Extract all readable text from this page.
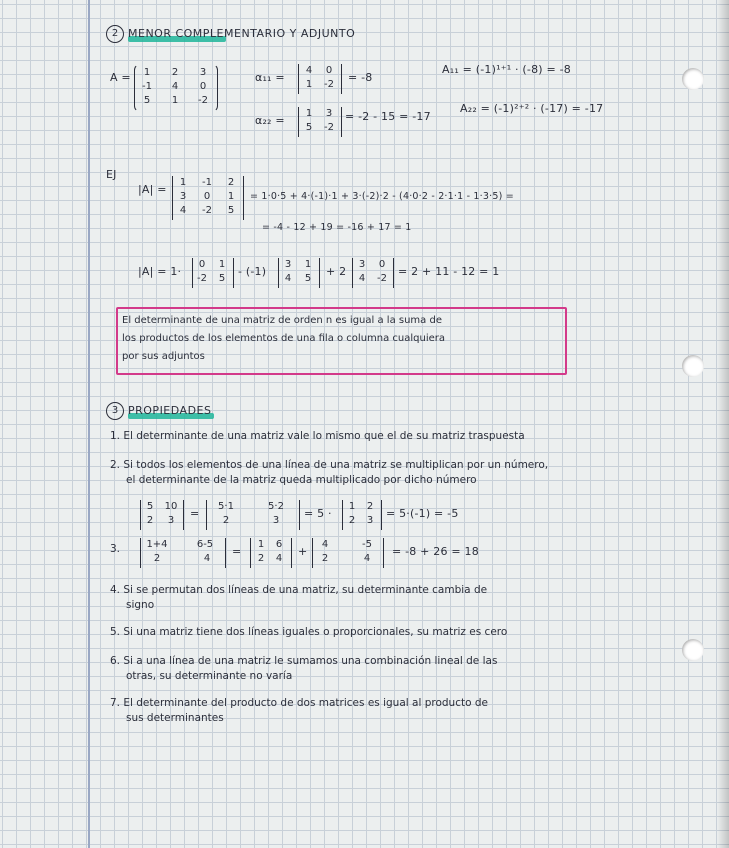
2 MENOR COMPLEMENTARIO Y ADJUNTO
A =	1	2	3
-1	4	0
5	1	-2
α₁₁ =
4	0
1	-2
= -8
A₁₁ = (-1)¹⁺¹ · (-8) = -8
α₂₂ =
1	3
5	-2
= -2 - 15 = -17
A₂₂ = (-1)²⁺² · (-17) = -17
EJ
|A| =
1	-1	2
3	0	1
4	-2	5
= 1·0·5 + 4·(-1)·1 + 3·(-2)·2 - (4·0·2 - 2·1·1 - 1·3·5) =
= -4 - 12 + 19 = -16 + 17 = 1
|A| = 1·
0	1
-2	5
- (-1)
3	1
4	5
+ 2
3	0
4	-2
= 2 + 11 - 12 = 1
El determinante de una matriz de orden n es igual a la suma de
los productos de los elementos de una fila o columna cualquiera
por sus adjuntos
3 PROPIEDADES
1. El determinante de una matriz vale lo mismo que el de su matriz traspuesta
2. Si todos los elementos de una línea de una matriz se multiplican por un número,
el determinante de la matriz queda multiplicado por dicho número
5	10
2	3
=
5·1	5·2
2	3
= 5 ·
1	2
2	3
= 5·(-1) = -5
3.	1+4	6-5
2	4
=
1	6
2	4
+
4	-5
2	4
= -8 + 26 = 18
4. Si se permutan dos líneas de una matriz, su determinante cambia de
signo
5. Si una matriz tiene dos líneas iguales o proporcionales, su matriz es cero
6. Si a una línea de una matriz le sumamos una combinación lineal de las
otras, su determinante no varía
7. El determinante del producto de dos matrices es igual al producto de
sus determinantes
